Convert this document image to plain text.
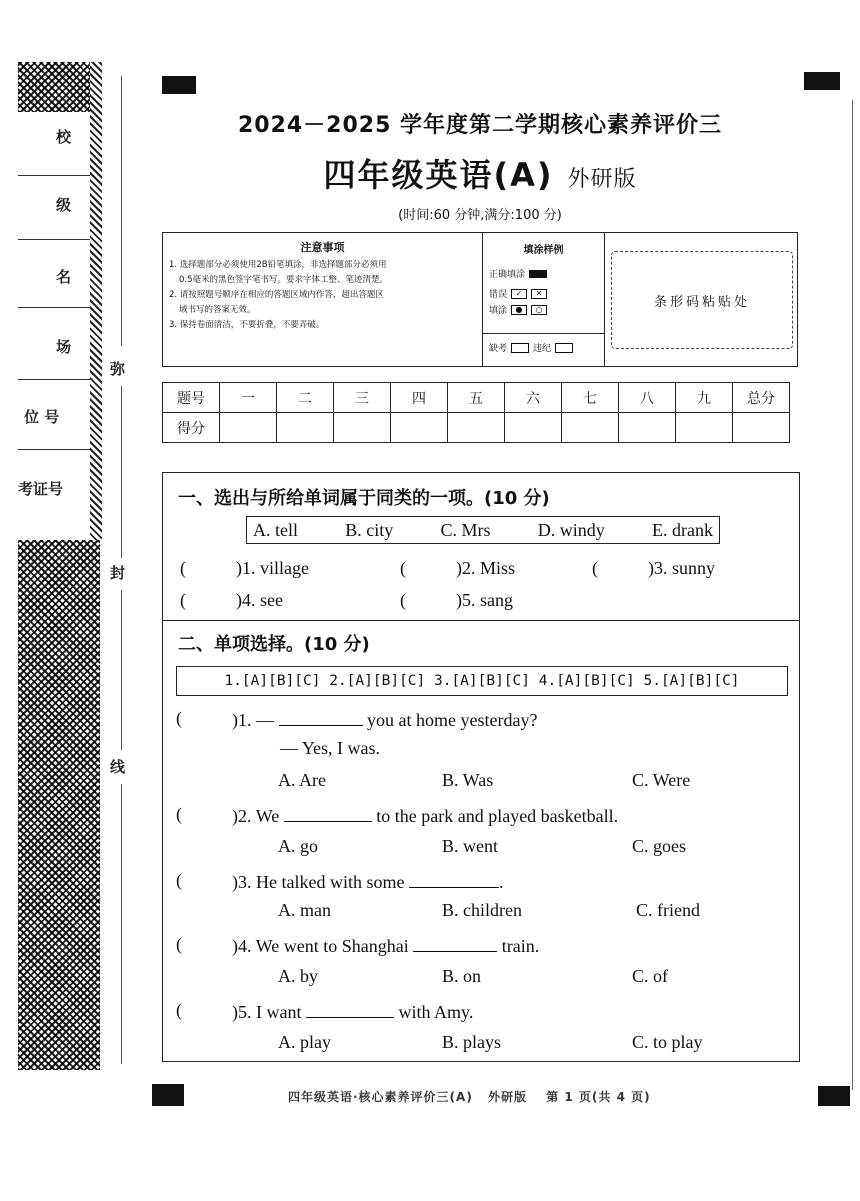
校
级
名
场
位 号
考证号
弥
封
线
2024－2025 学年度第二学期核心素养评价三
四年级英语(A) 外研版
(时间:60 分钟,满分:100 分)
注意事项
1. 选择题部分必须使用2B铅笔填涂，非选择题部分必须用
0.5毫米的黑色签字笔书写。要求字体工整、笔迹清楚。
2. 请按照题号顺序在相应的答题区域内作答，超出答题区
域书写的答案无效。
3. 保持卷面清洁，不要折叠，不要弄破。
填涂样例
正确填涂
错误	✓	✕
填涂	●	○
缺考	违纪
条形码粘贴处
题号	一	二	三	四	五	六	七	八	九	总分
得分										
一、选出与所给单词属于同类的一项。(10 分)
A. tell	B. city	C. Mrs	D. windy	E. drank
(	)1. village	(	)2. Miss	(	)3. sunny
(	)4. see	(	)5. sang
二、单项选择。(10 分)
1.[A][B][C] 2.[A][B][C] 3.[A][B][C] 4.[A][B][C] 5.[A][B][C]
(	)1. —	you at home yesterday?
— Yes, I was.
A. Are	B. Was	C. Were
(	)2. We	to the park and played basketball.
A. go	B. went	C. goes
(	)3. He talked with some	.
A. man	B. children	C. friend
(	)4. We went to Shanghai	train.
A. by	B. on	C. of
(	)5. I want	with Amy.
A. play	B. plays	C. to play
四年级英语·核心素养评价三(A) 外研版 第 1 页(共 4 页)
